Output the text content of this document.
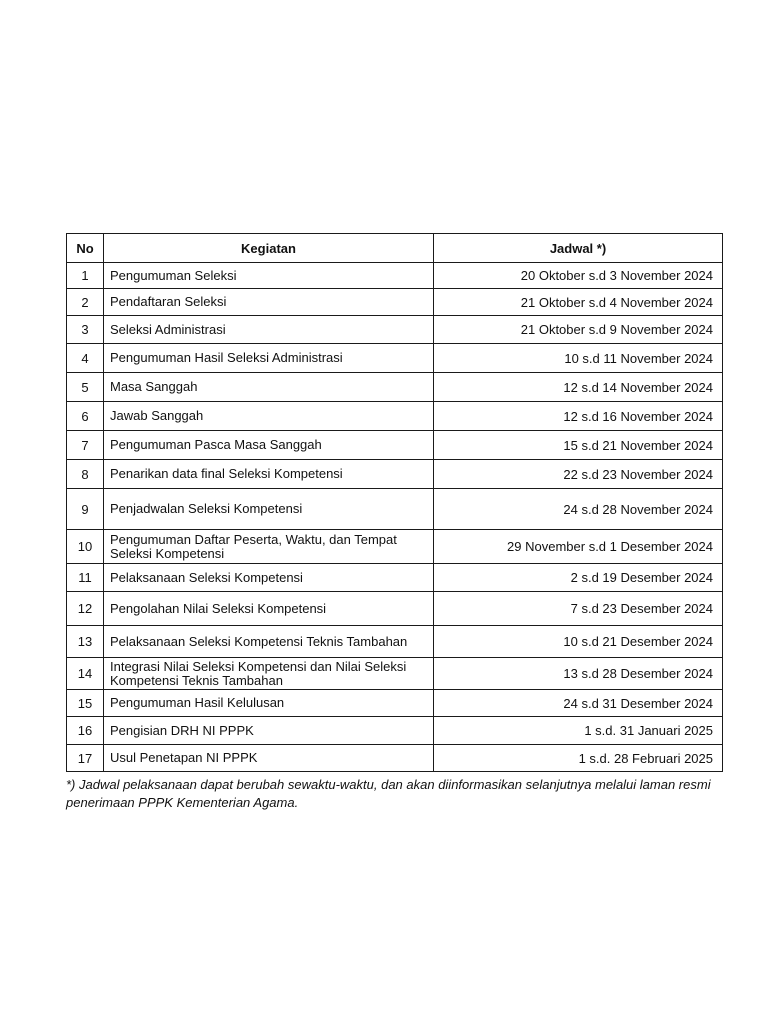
No	Kegiatan	Jadwal *)
1	Pengumuman Seleksi	20 Oktober s.d 3 November 2024
2	Pendaftaran Seleksi	21 Oktober s.d 4 November 2024
3	Seleksi Administrasi	21 Oktober s.d 9 November 2024
4	Pengumuman Hasil Seleksi Administrasi	10 s.d 11 November 2024
5	Masa Sanggah	12 s.d 14 November 2024
6	Jawab Sanggah	12 s.d 16 November 2024
7	Pengumuman Pasca Masa Sanggah	15 s.d 21 November 2024
8	Penarikan data final Seleksi Kompetensi	22 s.d 23 November 2024
9	Penjadwalan Seleksi Kompetensi	24 s.d 28 November 2024
10	Pengumuman Daftar Peserta, Waktu, dan Tempat Seleksi Kompetensi	29 November s.d 1 Desember 2024
11	Pelaksanaan Seleksi Kompetensi	2 s.d 19 Desember 2024
12	Pengolahan Nilai Seleksi Kompetensi	7 s.d 23 Desember 2024
13	Pelaksanaan Seleksi Kompetensi Teknis Tambahan	10 s.d 21 Desember 2024
14	Integrasi Nilai Seleksi Kompetensi dan Nilai Seleksi Kompetensi Teknis Tambahan	13 s.d 28 Desember 2024
15	Pengumuman Hasil Kelulusan	24 s.d 31 Desember 2024
16	Pengisian DRH NI PPPK	1 s.d. 31 Januari 2025
17	Usul Penetapan NI PPPK	1 s.d. 28 Februari 2025
*) Jadwal pelaksanaan dapat berubah sewaktu-waktu, dan akan diinformasikan selanjutnya melalui laman resmi penerimaan PPPK Kementerian Agama.
